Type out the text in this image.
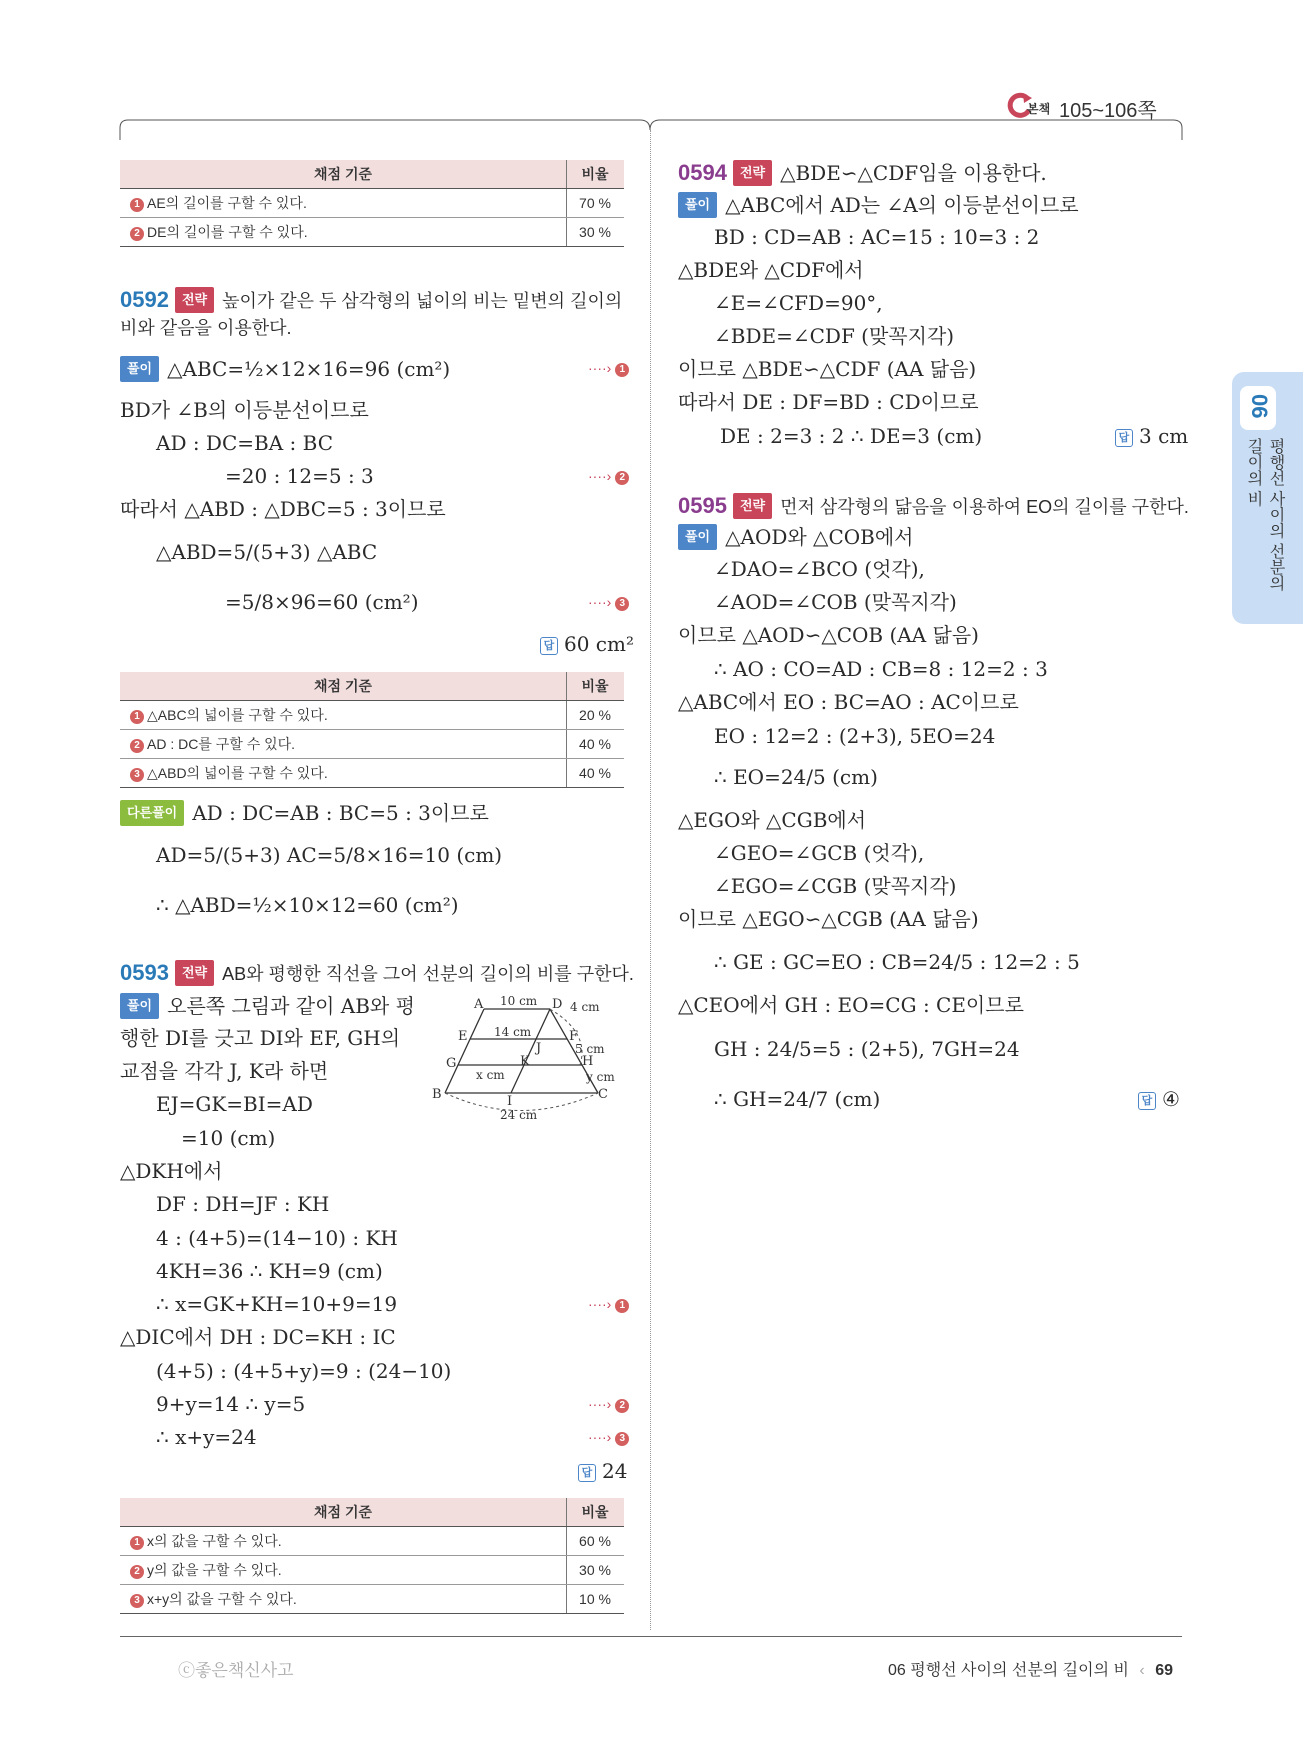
본책 105~106쪽
06
평행선 사이의 선분의
길이의 비
채점 기준	비율
1 AE의 길이를 구할 수 있다.	70 %
2 DE의 길이를 구할 수 있다.	30 %
0592 전략 높이가 같은 두 삼각형의 넓이의 비는 밑변의 길이의
비와 같음을 이용한다.
풀이 △ABC=½×12×16=96 (cm²)	····› 1
BD가 ∠B의 이등분선이므로
AD : DC=BA : BC
=20 : 12=5 : 3	····› 2
따라서 △ABD : △DBC=5 : 3이므로
△ABD=5/(5+3) △ABC
=5/8×96=60 (cm²)	····› 3
답 60 cm²
채점 기준	비율
1 △ABC의 넓이를 구할 수 있다.	20 %
2 AD : DC를 구할 수 있다.	40 %
3 △ABD의 넓이를 구할 수 있다.	40 %
다른풀이 AD : DC=AB : BC=5 : 3이므로
AD=5/(5+3) AC=5/8×16=10 (cm)
∴ △ABD=½×10×12=60 (cm²)
0593 전략 AB와 평행한 직선을 그어 선분의 길이의 비를 구한다.
풀이 오른쪽 그림과 같이 AB와 평
행한 DI를 긋고 DI와 EF, GH의
교점을 각각 J, K라 하면
EJ=GK=BI=AD
=10 (cm)
△DKH에서
DF : DH=JF : KH
4 : (4+5)=(14−10) : KH
4KH=36 ∴ KH=9 (cm)
∴ x=GK+KH=10+9=19	····› 1
△DIC에서 DH : DC=KH : IC
(4+5) : (4+5+y)=9 : (24−10)
9+y=14 ∴ y=5	····› 2
∴ x+y=24	····› 3
답 24
A	D
E	F
G	H
B	C
I
J
K
10 cm
14 cm
4 cm
5 cm
x cm	y cm
24 cm
채점 기준	비율
1 x의 값을 구할 수 있다.	60 %
2 y의 값을 구할 수 있다.	30 %
3 x+y의 값을 구할 수 있다.	10 %
0594 전략 △BDE∽△CDF임을 이용한다.
풀이 △ABC에서 AD는 ∠A의 이등분선이므로
BD : CD=AB : AC=15 : 10=3 : 2
△BDE와 △CDF에서
∠E=∠CFD=90°,
∠BDE=∠CDF (맞꼭지각)
이므로 △BDE∽△CDF (AA 닮음)
따라서 DE : DF=BD : CD이므로
DE : 2=3 : 2 ∴ DE=3 (cm)	답 3 cm
0595 전략 먼저 삼각형의 닮음을 이용하여 EO의 길이를 구한다.
풀이 △AOD와 △COB에서
∠DAO=∠BCO (엇각),
∠AOD=∠COB (맞꼭지각)
이므로 △AOD∽△COB (AA 닮음)
∴ AO : CO=AD : CB=8 : 12=2 : 3
△ABC에서 EO : BC=AO : AC이므로
EO : 12=2 : (2+3), 5EO=24
∴ EO=24/5 (cm)
△EGO와 △CGB에서
∠GEO=∠GCB (엇각),
∠EGO=∠CGB (맞꼭지각)
이므로 △EGO∽△CGB (AA 닮음)
∴ GE : GC=EO : CB=24/5 : 12=2 : 5
△CEO에서 GH : EO=CG : CE이므로
GH : 24/5=5 : (2+5), 7GH=24
∴ GH=24/7 (cm)	답 ④
ⓒ좋은책신사고	06 평행선 사이의 선분의 길이의 비 ‹ 69
